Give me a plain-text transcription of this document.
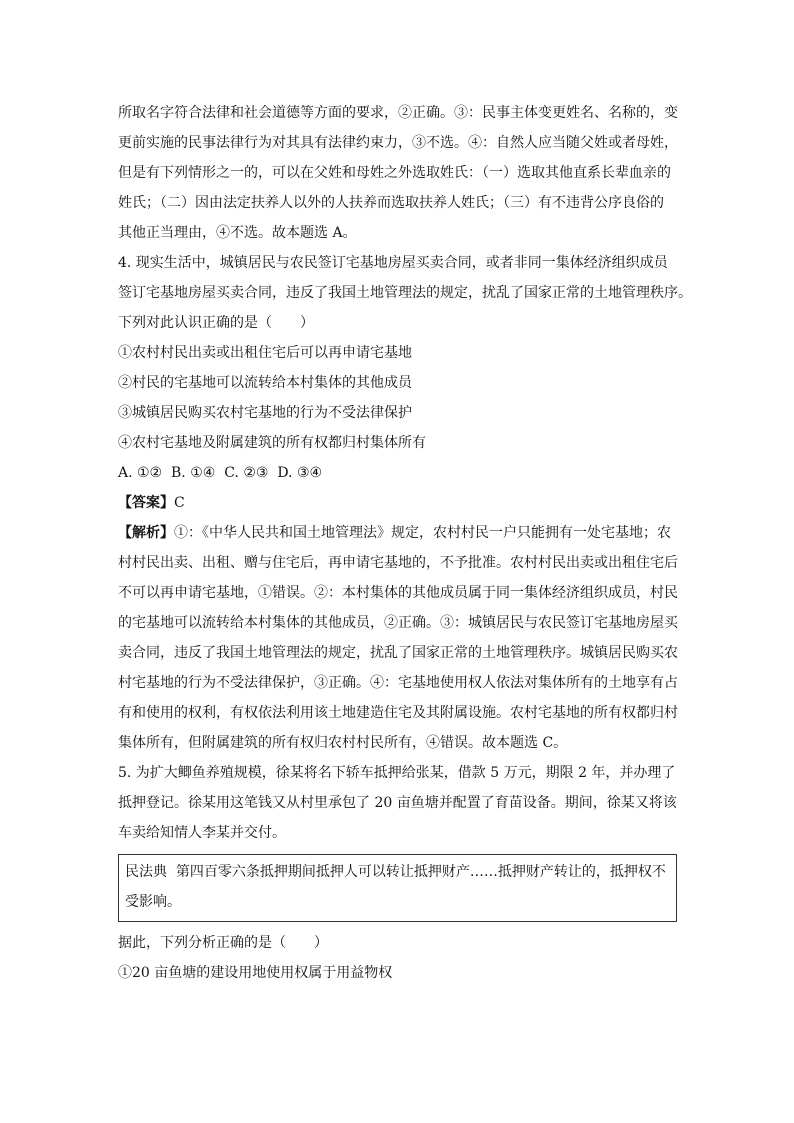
所取名字符合法律和社会道德等方面的要求，②正确。③：民事主体变更姓名、名称的，变
更前实施的民事法律行为对其具有法律约束力，③不选。④：自然人应当随父姓或者母姓，
但是有下列情形之一的，可以在父姓和母姓之外选取姓氏：（一）选取其他直系长辈血亲的
姓氏；（二）因由法定扶养人以外的人扶养而选取扶养人姓氏；（三）有不违背公序良俗的
其他正当理由，④不选。故本题选 A。
4. 现实生活中，城镇居民与农民签订宅基地房屋买卖合同，或者非同一集体经济组织成员
签订宅基地房屋买卖合同，违反了我国土地管理法的规定，扰乱了国家正常的土地管理秩序。
下列对此认识正确的是（　　）
①农村村民出卖或出租住宅后可以再申请宅基地
②村民的宅基地可以流转给本村集体的其他成员
③城镇居民购买农村宅基地的行为不受法律保护
④农村宅基地及附属建筑的所有权都归村集体所有
A. ①②  B. ①④  C. ②③  D. ③④
【答案】C
【解析】①：《中华人民共和国土地管理法》规定，农村村民一户只能拥有一处宅基地；农
村村民出卖、出租、赠与住宅后，再申请宅基地的，不予批准。农村村民出卖或出租住宅后
不可以再申请宅基地，①错误。②：本村集体的其他成员属于同一集体经济组织成员，村民
的宅基地可以流转给本村集体的其他成员，②正确。③：城镇居民与农民签订宅基地房屋买
卖合同，违反了我国土地管理法的规定，扰乱了国家正常的土地管理秩序。城镇居民购买农
村宅基地的行为不受法律保护，③正确。④：宅基地使用权人依法对集体所有的土地享有占
有和使用的权利，有权依法利用该土地建造住宅及其附属设施。农村宅基地的所有权都归村
集体所有，但附属建筑的所有权归农村村民所有，④错误。故本题选 C。
5. 为扩大鲫鱼养殖规模，徐某将名下轿车抵押给张某，借款 5 万元，期限 2 年，并办理了
抵押登记。徐某用这笔钱又从村里承包了 20 亩鱼塘并配置了育苗设备。期间，徐某又将该
车卖给知情人李某并交付。
民法典  第四百零六条抵押期间抵押人可以转让抵押财产……抵押财产转让的，抵押权不
受影响。
据此，下列分析正确的是（　　）
①20 亩鱼塘的建设用地使用权属于用益物权
